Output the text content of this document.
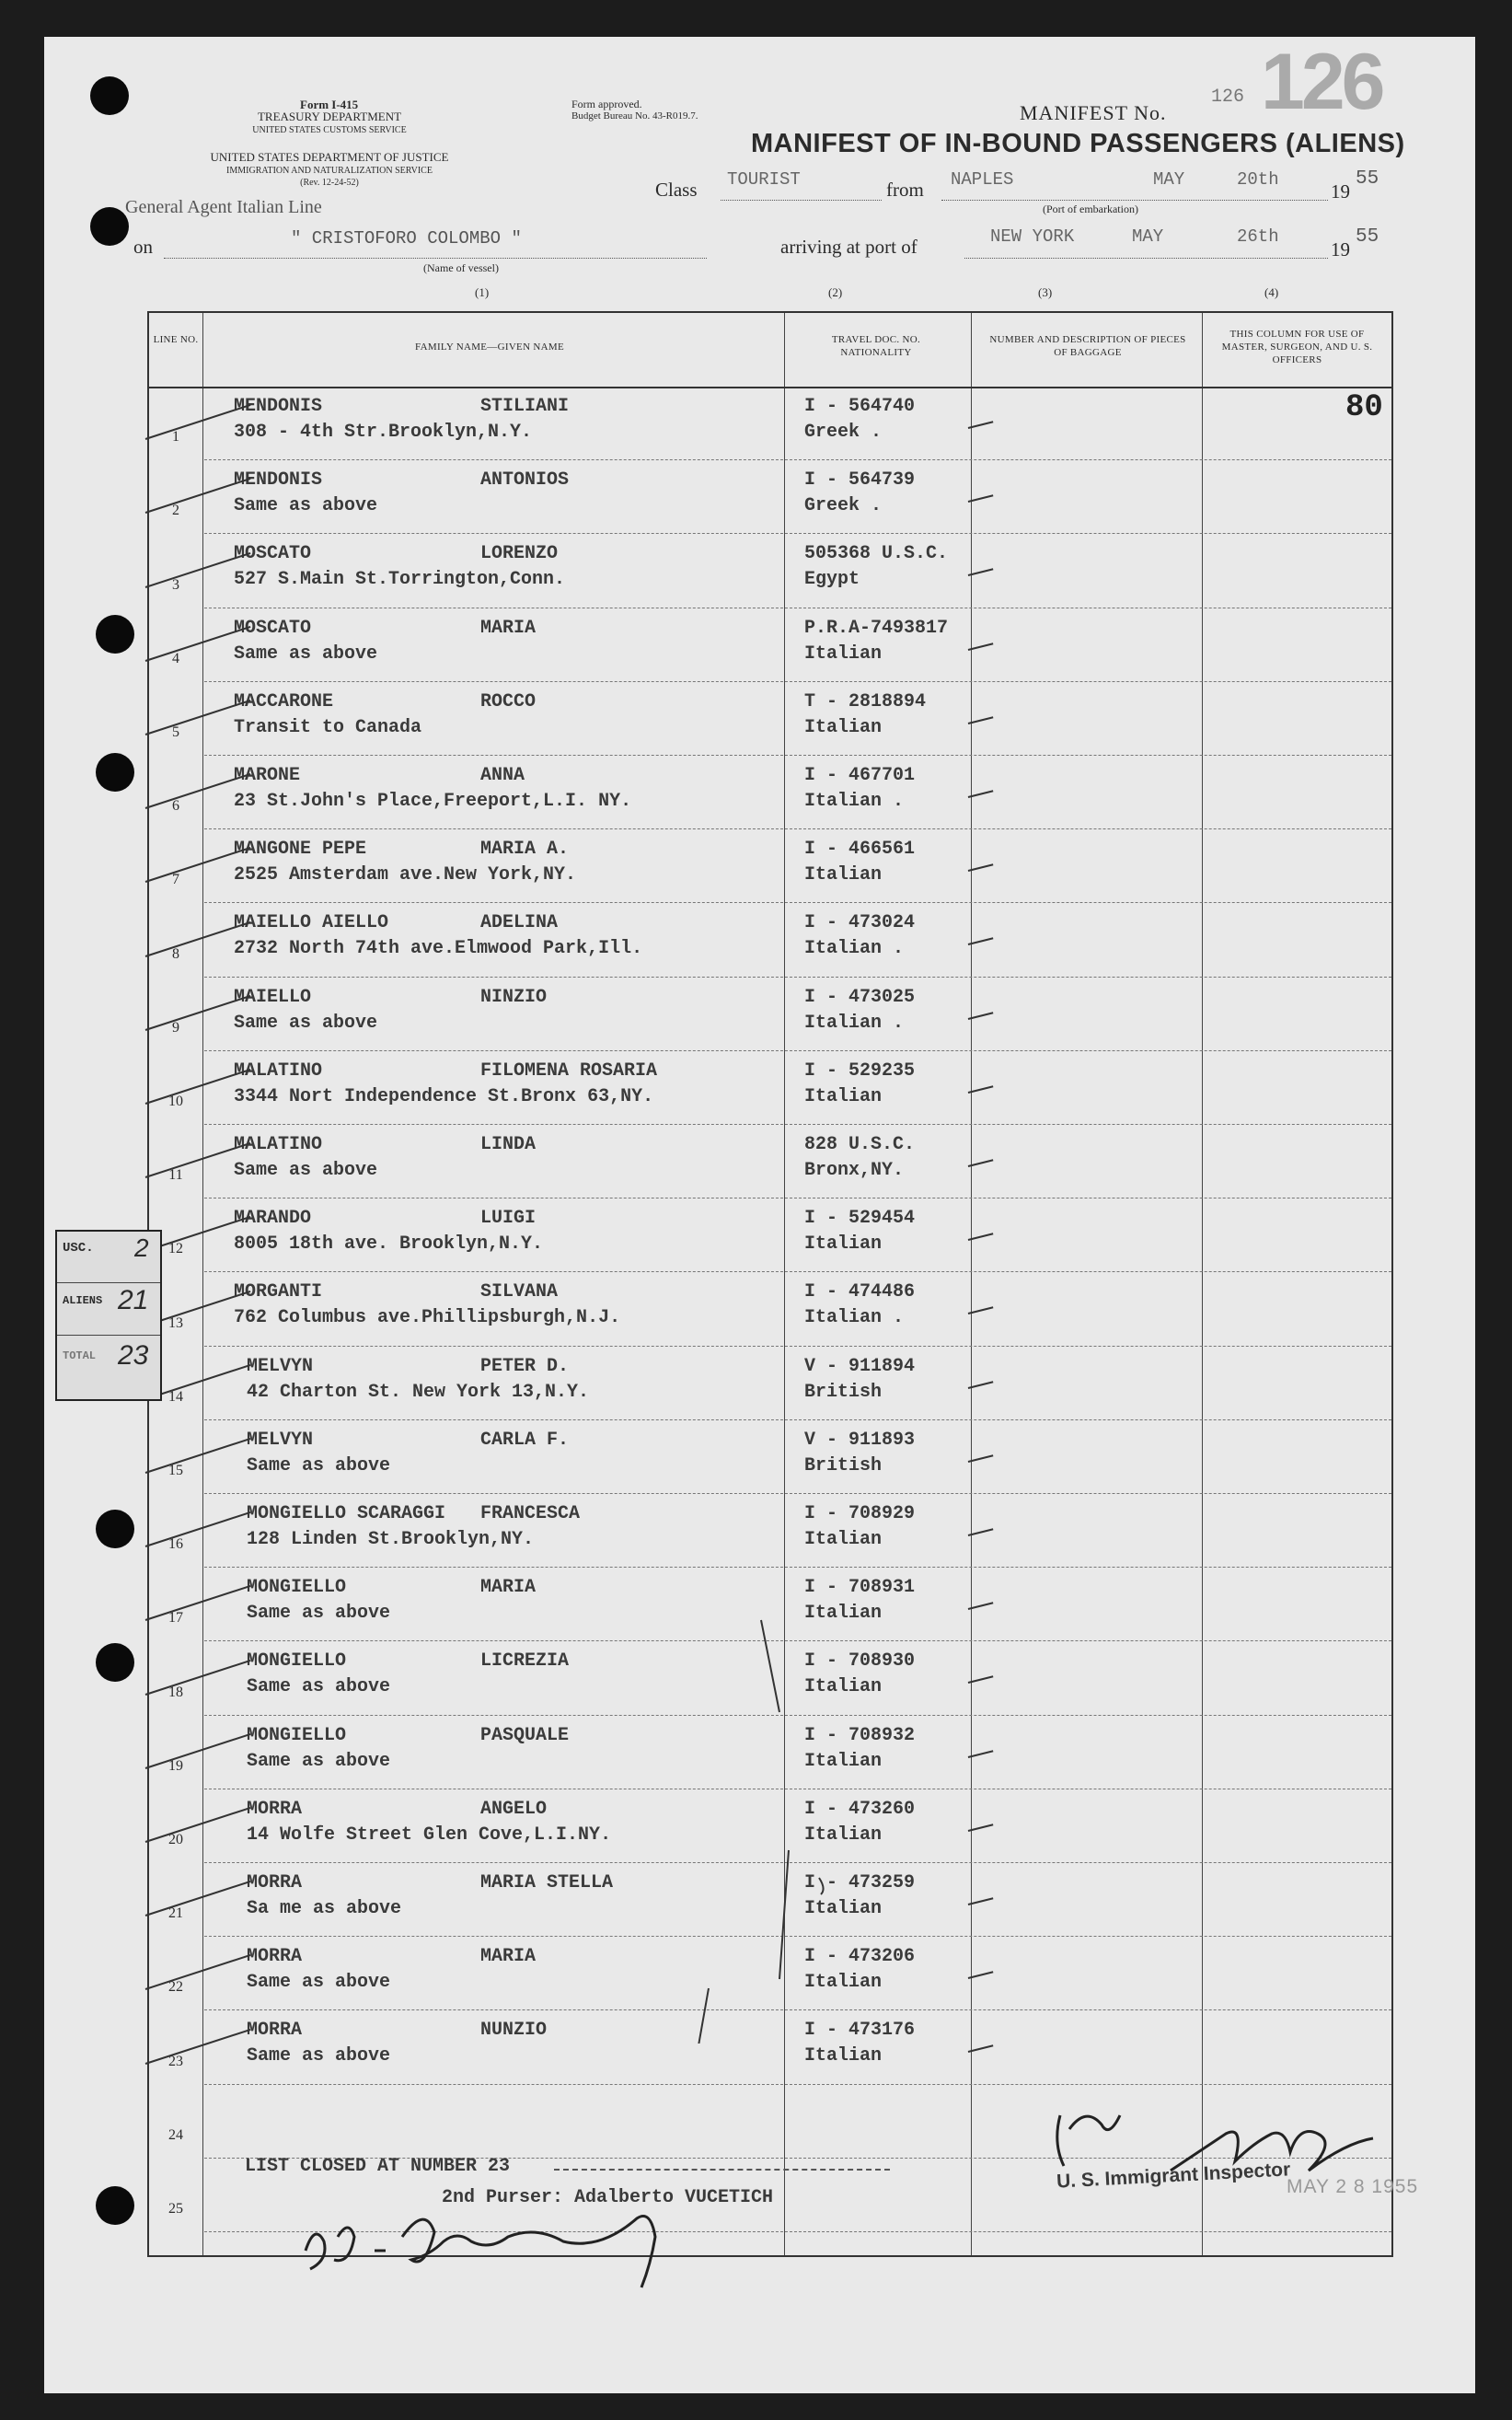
Form I-415
TREASURY DEPARTMENT
UNITED STATES CUSTOMS SERVICE
UNITED STATES DEPARTMENT OF JUSTICE
IMMIGRATION AND NATURALIZATION SERVICE
(Rev. 12-24-52)
Form approved.
Budget Bureau No. 43-R019.7.	MANIFEST No.
126 126
MANIFEST OF IN-BOUND PASSENGERS (ALIENS)
General Agent Italian Line
Class TOURIST	from NAPLES	MAY	20th
19
55
(Port of embarkation)
on	" CRISTOFORO COLOMBO "
(Name of vessel)
arriving at port of	NEW YORK	MAY	26th
19
55
(1)	(2)	(3)	(4)
LINE NO.
FAMILY NAME—GIVEN NAME
TRAVEL DOC. NO. NATIONALITY
NUMBER AND DESCRIPTION OF PIECES OF BAGGAGE
THIS COLUMN FOR USE OF MASTER, SURGEON, AND U. S. OFFICERS
80
1
MENDONIS	STILIANI
308 - 4th Str.Brooklyn,N.Y.
I - 564740
Greek .
2
MENDONIS	ANTONIOS
Same as above
I - 564739
Greek .
3
MOSCATO	LORENZO
527 S.Main St.Torrington,Conn.
505368 U.S.C.
Egypt
4
MOSCATO	MARIA
Same as above
P.R.A-7493817
Italian
5
MACCARONE	ROCCO
Transit to Canada
T - 2818894
Italian
6
MARONE	ANNA
23 St.John's Place,Freeport,L.I. NY.
I - 467701
Italian .
7
MANGONE PEPE	MARIA A.
2525 Amsterdam ave.New York,NY.
I - 466561
Italian
8
MAIELLO AIELLO	ADELINA
2732 North 74th ave.Elmwood Park,Ill.
I - 473024
Italian .
9
MAIELLO	NINZIO
Same as above
I - 473025
Italian .
10
MALATINO	FILOMENA ROSARIA
3344 Nort Independence St.Bronx 63,NY.
I - 529235
Italian
11
MALATINO	LINDA
Same as above
828 U.S.C.
Bronx,NY.
12
MARANDO	LUIGI
8005 18th ave. Brooklyn,N.Y.
I - 529454
Italian
13
MORGANTI	SILVANA
762 Columbus ave.Phillipsburgh,N.J.
I - 474486
Italian .
14
MELVYN	PETER D.
42 Charton St. New York 13,N.Y.
V - 911894
British
15
MELVYN	CARLA F.
Same as above
V - 911893
British
16
MONGIELLO SCARAGGI FRANCESCA
128 Linden St.Brooklyn,NY.
I - 708929
Italian
17
MONGIELLO	MARIA
Same as above
I - 708931
Italian
18
MONGIELLO	LICREZIA
Same as above
I - 708930
Italian
19
MONGIELLO	PASQUALE
Same as above
I - 708932
Italian
20
MORRA	ANGELO
14 Wolfe Street Glen Cove,L.I.NY.
I - 473260
Italian
21
MORRA	MARIA STELLA
Sa me as above
I - 473259
Italian
22
MORRA	MARIA
Same as above
I - 473206
Italian
23
MORRA	NUNZIO
Same as above
I - 473176
Italian
24
25
LIST CLOSED AT NUMBER 23
2nd Purser: Adalberto VUCETICH
U. S. Immigrant Inspector
MAY 2 8 1955
USC. 2
ALIENS 21
TOTAL 23
